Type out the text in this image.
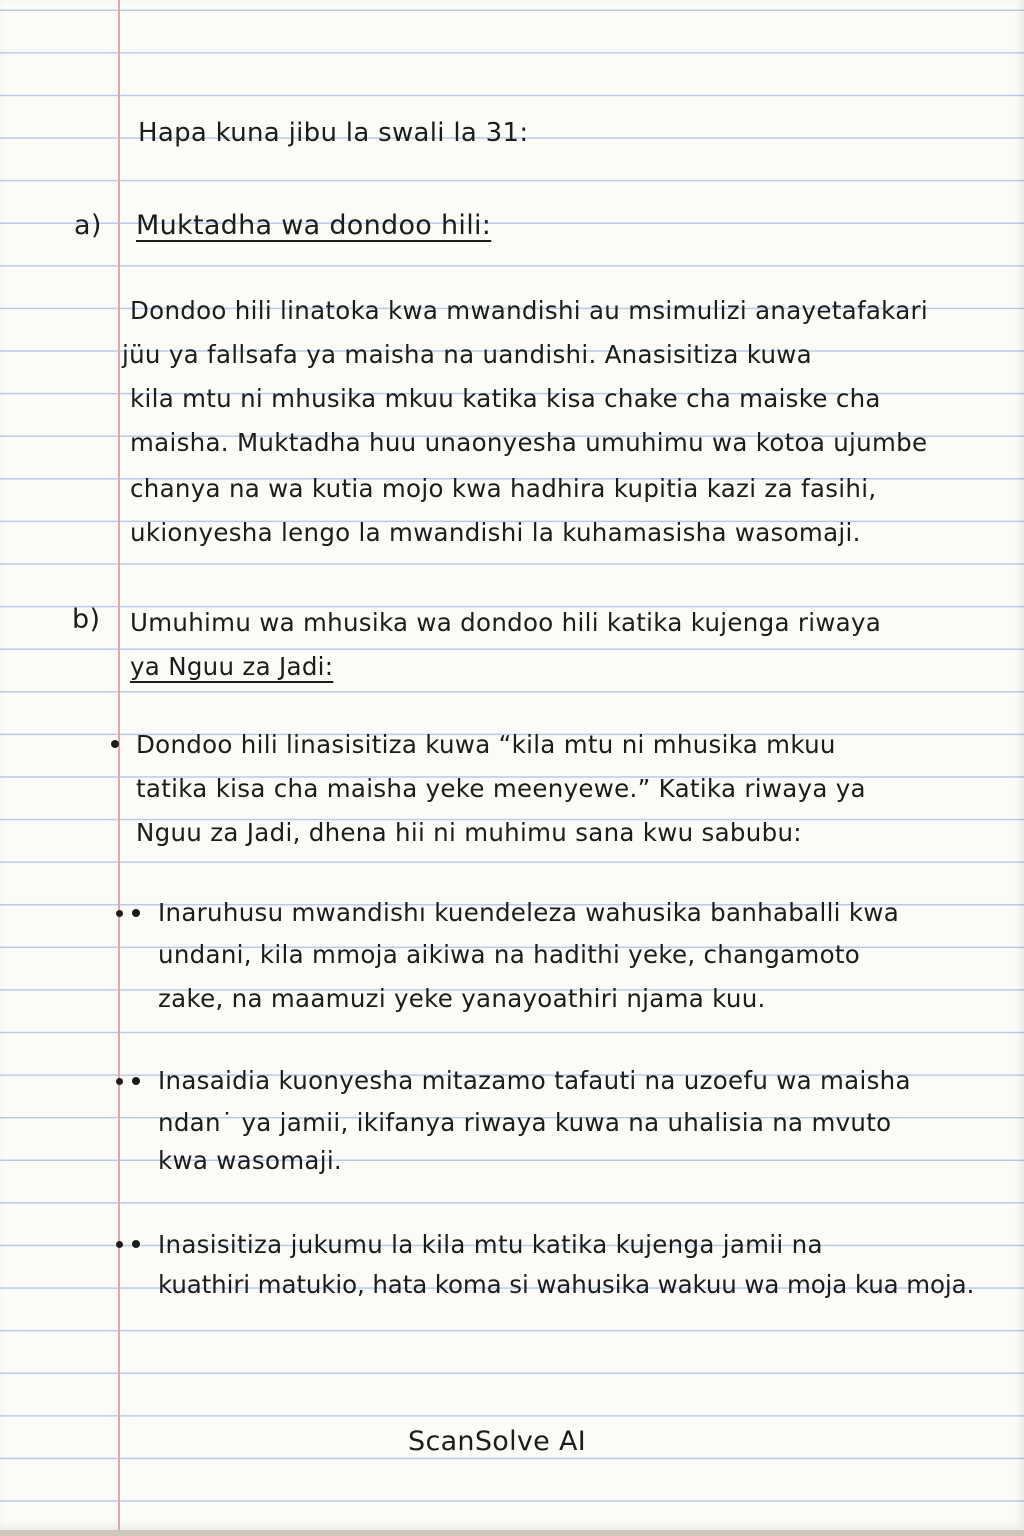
Hapa kuna jibu la swali la 31:
a) Muktadha wa dondoo hili:
Dondoo hili linatoka kwa mwandishi au msimulizi anayetafakari
jüu ya fallsafa ya maisha na uandishi. Anasisitiza kuwa
kila mtu ni mhusika mkuu katika kisa chake cha maiske cha
maisha. Muktadha huu unaonyesha umuhimu wa kotoa ujumbe
chanya na wa kutia mojo kwa hadhira kupitia kazi za fasihi,
ukionyesha lengo la mwandishi la kuhamasisha wasomaji.
b) Umuhimu wa mhusika wa dondoo hili katika kujenga riwaya
ya Nguu za Jadi:
Dondoo hili linasisitiza kuwa “kila mtu ni mhusika mkuu
tatika kisa cha maisha yeke meenyewe.” Katika riwaya ya
Nguu za Jadi, dhena hii ni muhimu sana kwu sabubu:
Inaruhusu mwandishı kuendeleza wahusika banhaballi kwa
undani, kila mmoja aikiwa na hadithi yeke, changamoto
zake, na maamuzi yeke yanayoathiri njama kuu.
Inasaidia kuonyesha mitazamo tafauti na uzoefu wa maisha
ndan˙ ya jamii, ikifanya riwaya kuwa na uhalisia na mvuto
kwa wasomaji.
Inasisitiza jukumu la kila mtu katika kujenga jamii na
kuathiri matukio, hata koma si wahusika wakuu wa moja kua moja.
ScanSolve AI
